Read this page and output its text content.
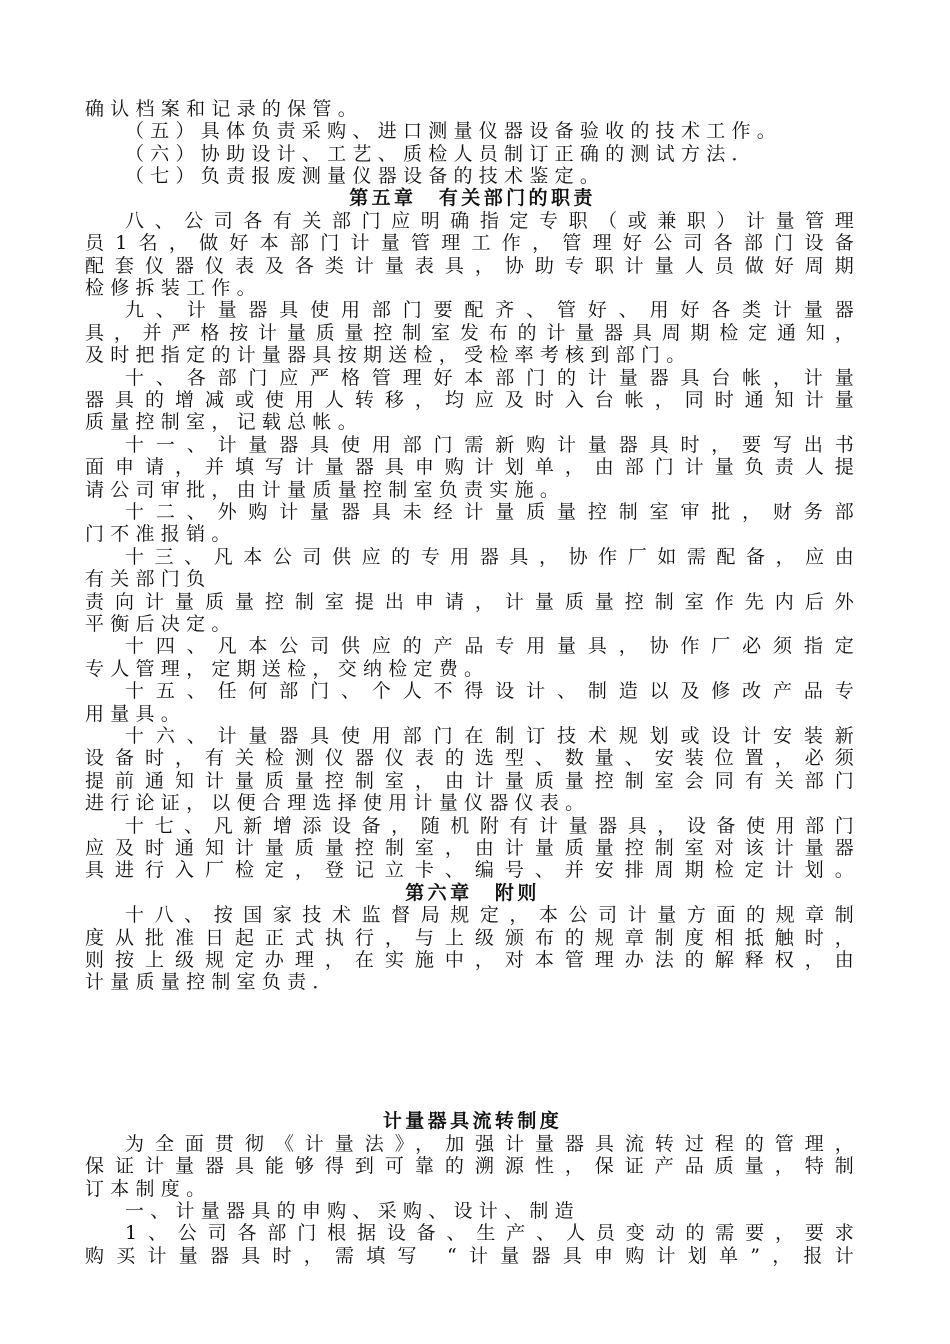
确认档案和记录的保管。
（五）具体负责采购、进口测量仪器设备验收的技术工作。
（六）协助设计、工艺、质检人员制订正确的测试方法．
（七）负责报废测量仪器设备的技术鉴定。
第五章　有关部门的职责
八、公司各有关部门应明确指定专职（或兼职）计量管理
员1名，做好本部门计量管理工作，管理好公司各部门设备
配套仪器仪表及各类计量表具，协助专职计量人员做好周期
检修拆装工作。
九、计量器具使用部门要配齐、管好、用好各类计量器
具，并严格按计量质量控制室发布的计量器具周期检定通知，
及时把指定的计量器具按期送检，受检率考核到部门。
十、各部门应严格管理好本部门的计量器具台帐，计量
器具的增减或使用人转移，均应及时入台帐，同时通知计量
质量控制室，记载总帐。
十一、计量器具使用部门需新购计量器具时，要写出书
面申请，并填写计量器具申购计划单，由部门计量负责人提
请公司审批，由计量质量控制室负责实施。
十二、外购计量器具未经计量质量控制室审批，财务部
门不准报销。
十三、凡本公司供应的专用器具，协作厂如需配备，应由
有关部门负
责向计量质量控制室提出申请，计量质量控制室作先内后外
平衡后决定。
十四、凡本公司供应的产品专用量具，协作厂必须指定
专人管理，定期送检，交纳检定费。
十五、任何部门、个人不得设计、制造以及修改产品专
用量具。
十六、计量器具使用部门在制订技术规划或设计安装新
设备时，有关检测仪器仪表的选型、数量、安装位置，必须
提前通知计量质量控制室，由计量质量控制室会同有关部门
进行论证，以便合理选择使用计量仪器仪表。
十七、凡新增添设备，随机附有计量器具，设备使用部门
应及时通知计量质量控制室，由计量质量控制室对该计量器
具进行入厂检定，登记立卡、编号、并安排周期检定计划。
第六章　附则
十八、按国家技术监督局规定，本公司计量方面的规章制
度从批准日起正式执行，与上级颁布的规章制度相抵触时，
则按上级规定办理，在实施中，对本管理办法的解释权，由
计量质量控制室负责．
计量器具流转制度
为全面贯彻《计量法》，加强计量器具流转过程的管理，
保证计量器具能够得到可靠的溯源性，保证产品质量，特制
订本制度。
一、计量器具的申购、采购、设计、制造
1、公司各部门根据设备、生产、人员变动的需要，要求
购买计量器具时，需填写 “计量器具申购计划单”，报计
